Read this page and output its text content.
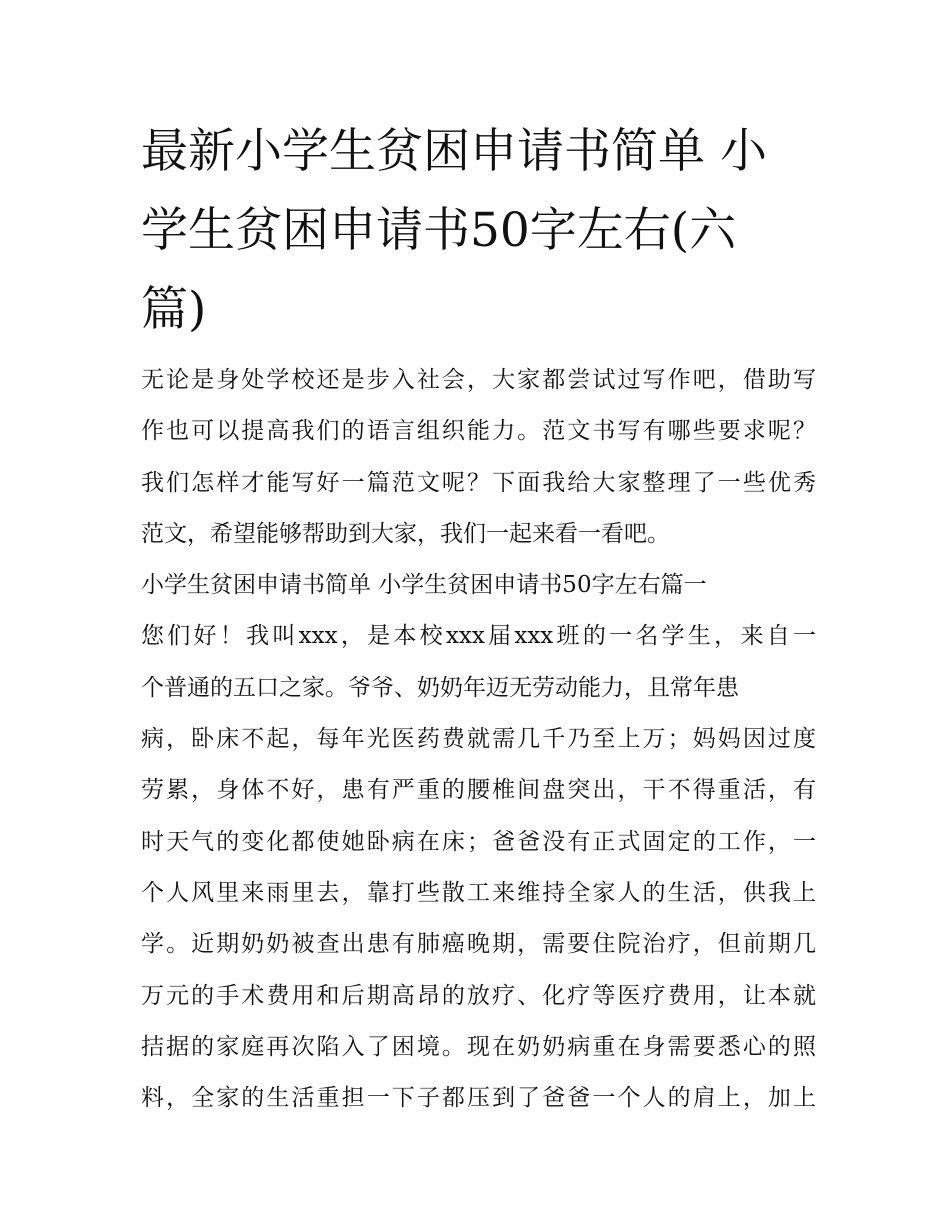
最新小学生贫困申请书简单 小
学生贫困申请书50字左右(六
篇)
无论是身处学校还是步入社会，大家都尝试过写作吧，借助写
作也可以提高我们的语言组织能力。范文书写有哪些要求呢？
我们怎样才能写好一篇范文呢？下面我给大家整理了一些优秀
范文，希望能够帮助到大家，我们一起来看一看吧。
小学生贫困申请书简单 小学生贫困申请书50字左右篇一
您们好！我叫xxx，是本校xxx届xxx班的一名学生，来自一
个普通的五口之家。爷爷、奶奶年迈无劳动能力，且常年患
病，卧床不起，每年光医药费就需几千乃至上万；妈妈因过度
劳累，身体不好，患有严重的腰椎间盘突出，干不得重活，有
时天气的变化都使她卧病在床；爸爸没有正式固定的工作，一
个人风里来雨里去，靠打些散工来维持全家人的生活，供我上
学。近期奶奶被查出患有肺癌晚期，需要住院治疗，但前期几
万元的手术费用和后期高昂的放疗、化疗等医疗费用，让本就
拮据的家庭再次陷入了困境。现在奶奶病重在身需要悉心的照
料，全家的生活重担一下子都压到了爸爸一个人的肩上，加上
